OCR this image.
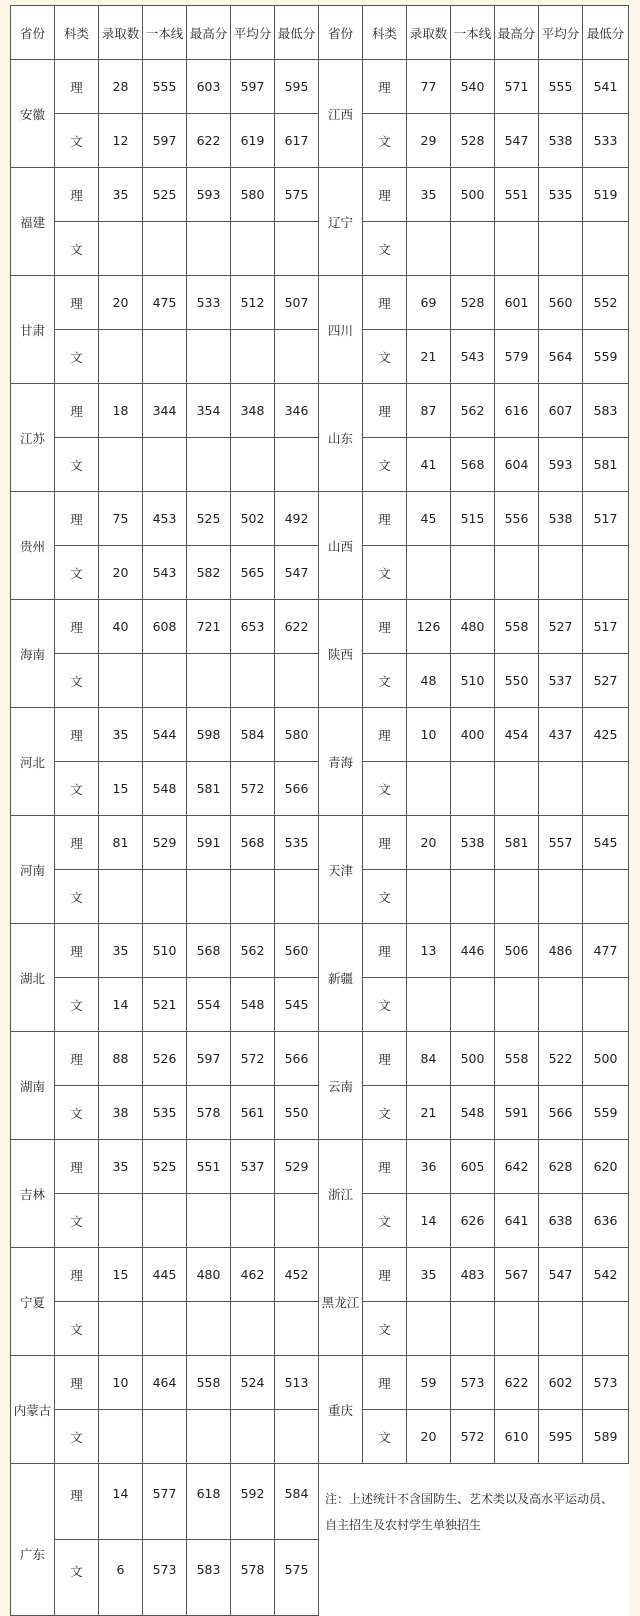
省份	科类	录取数	一本线	最高分	平均分	最低分	省份	科类	录取数	一本线	最高分	平均分	最低分
安徽	理	28	555	603	597	595	江西	理	77	540	571	555	541
	文	12	597	622	619	617		文	29	528	547	538	533
福建	理	35	525	593	580	575	辽宁	理	35	500	551	535	519
	文							文					
甘肃	理	20	475	533	512	507	四川	理	69	528	601	560	552
	文							文	21	543	579	564	559
江苏	理	18	344	354	348	346	山东	理	87	562	616	607	583
	文							文	41	568	604	593	581
贵州	理	75	453	525	502	492	山西	理	45	515	556	538	517
	文	20	543	582	565	547		文					
海南	理	40	608	721	653	622	陕西	理	126	480	558	527	517
	文							文	48	510	550	537	527
河北	理	35	544	598	584	580	青海	理	10	400	454	437	425
	文	15	548	581	572	566		文					
河南	理	81	529	591	568	535	天津	理	20	538	581	557	545
	文							文					
湖北	理	35	510	568	562	560	新疆	理	13	446	506	486	477
	文	14	521	554	548	545		文					
湖南	理	88	526	597	572	566	云南	理	84	500	558	522	500
	文	38	535	578	561	550		文	21	548	591	566	559
吉林	理	35	525	551	537	529	浙江	理	36	605	642	628	620
	文							文	14	626	641	638	636
宁夏	理	15	445	480	462	452	黑龙江	理	35	483	567	547	542
	文							文					
内蒙古	理	10	464	558	524	513	重庆	理	59	573	622	602	573
	文							文	20	572	610	595	589
广东	理	14	577	618	592	584	注：上述统计不含国防生、艺术类以及高水平运动员、自主招生及农村学生单独招生						
	文	6	573	583	578	575							
